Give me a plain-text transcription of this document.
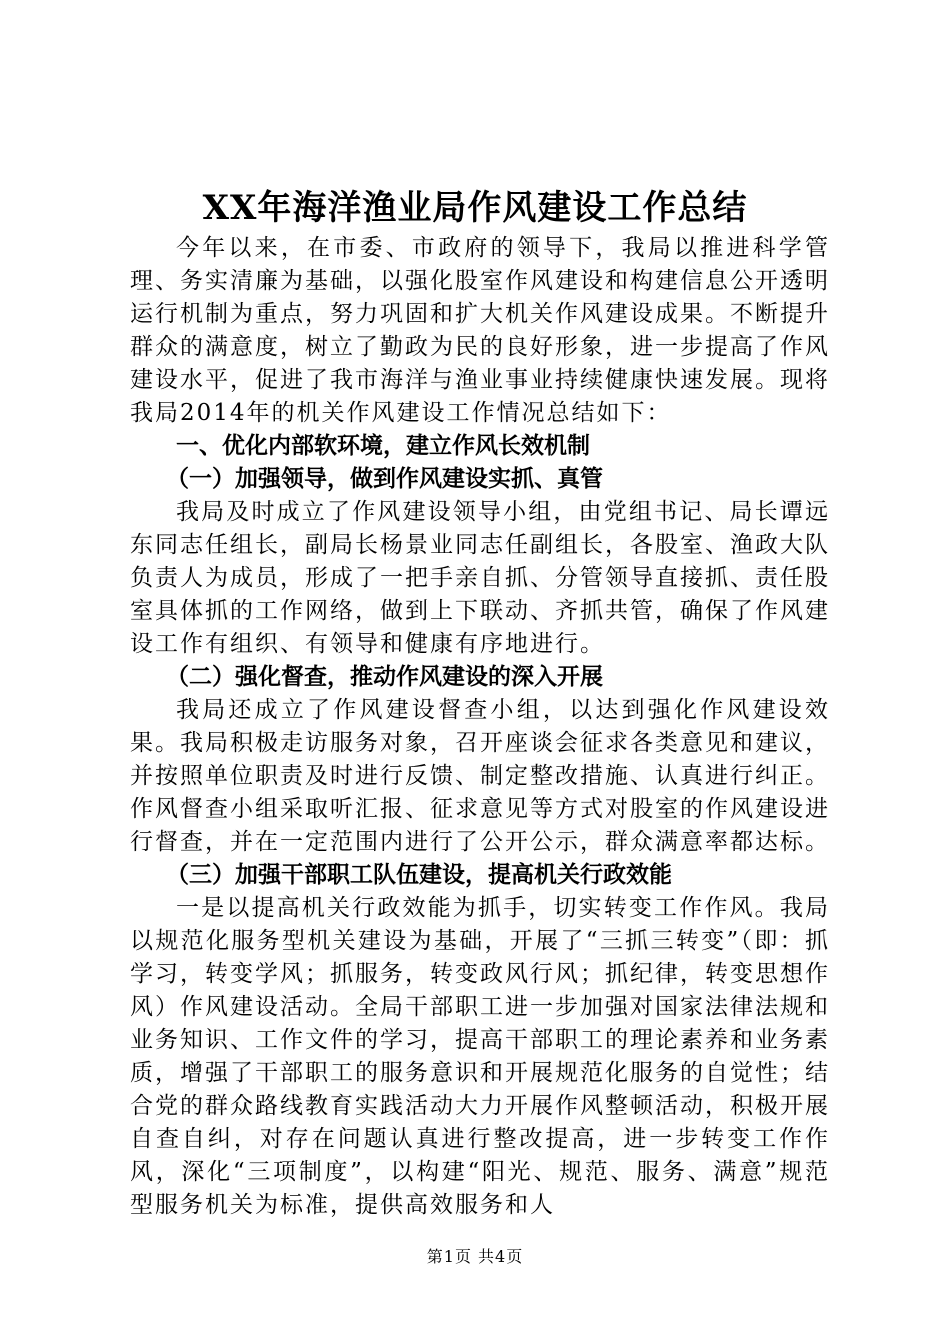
XX年海洋渔业局作风建设工作总结

今年以来，在市委、市政府的领导下，我局以推进科学管理、务实清廉为基础，以强化股室作风建设和构建信息公开透明运行机制为重点，努力巩固和扩大机关作风建设成果。不断提升群众的满意度，树立了勤政为民的良好形象，进一步提高了作风建设水平，促进了我市海洋与渔业事业持续健康快速发展。现将我局2014年的机关作风建设工作情况总结如下：

一、优化内部软环境，建立作风长效机制

（一）加强领导，做到作风建设实抓、真管

我局及时成立了作风建设领导小组，由党组书记、局长谭远东同志任组长，副局长杨景业同志任副组长，各股室、渔政大队负责人为成员，形成了一把手亲自抓、分管领导直接抓、责任股室具体抓的工作网络，做到上下联动、齐抓共管，确保了作风建设工作有组织、有领导和健康有序地进行。

（二）强化督查，推动作风建设的深入开展

我局还成立了作风建设督查小组，以达到强化作风建设效果。我局积极走访服务对象，召开座谈会征求各类意见和建议，并按照单位职责及时进行反馈、制定整改措施、认真进行纠正。作风督查小组采取听汇报、征求意见等方式对股室的作风建设进行督查，并在一定范围内进行了公开公示，群众满意率都达标。

（三）加强干部职工队伍建设，提高机关行政效能

一是以提高机关行政效能为抓手，切实转变工作作风。我局以规范化服务型机关建设为基础，开展了“三抓三转变”（即：抓学习，转变学风；抓服务，转变政风行风；抓纪律，转变思想作风）作风建设活动。全局干部职工进一步加强对国家法律法规和业务知识、工作文件的学习，提高干部职工的理论素养和业务素质，增强了干部职工的服务意识和开展规范化服务的自觉性；结合党的群众路线教育实践活动大力开展作风整顿活动，积极开展自查自纠，对存在问题认真进行整改提高，进一步转变工作作风，深化“三项制度”，以构建“阳光、规范、服务、满意”规范型服务机关为标准，提供高效服务和人

第1页 共4页
